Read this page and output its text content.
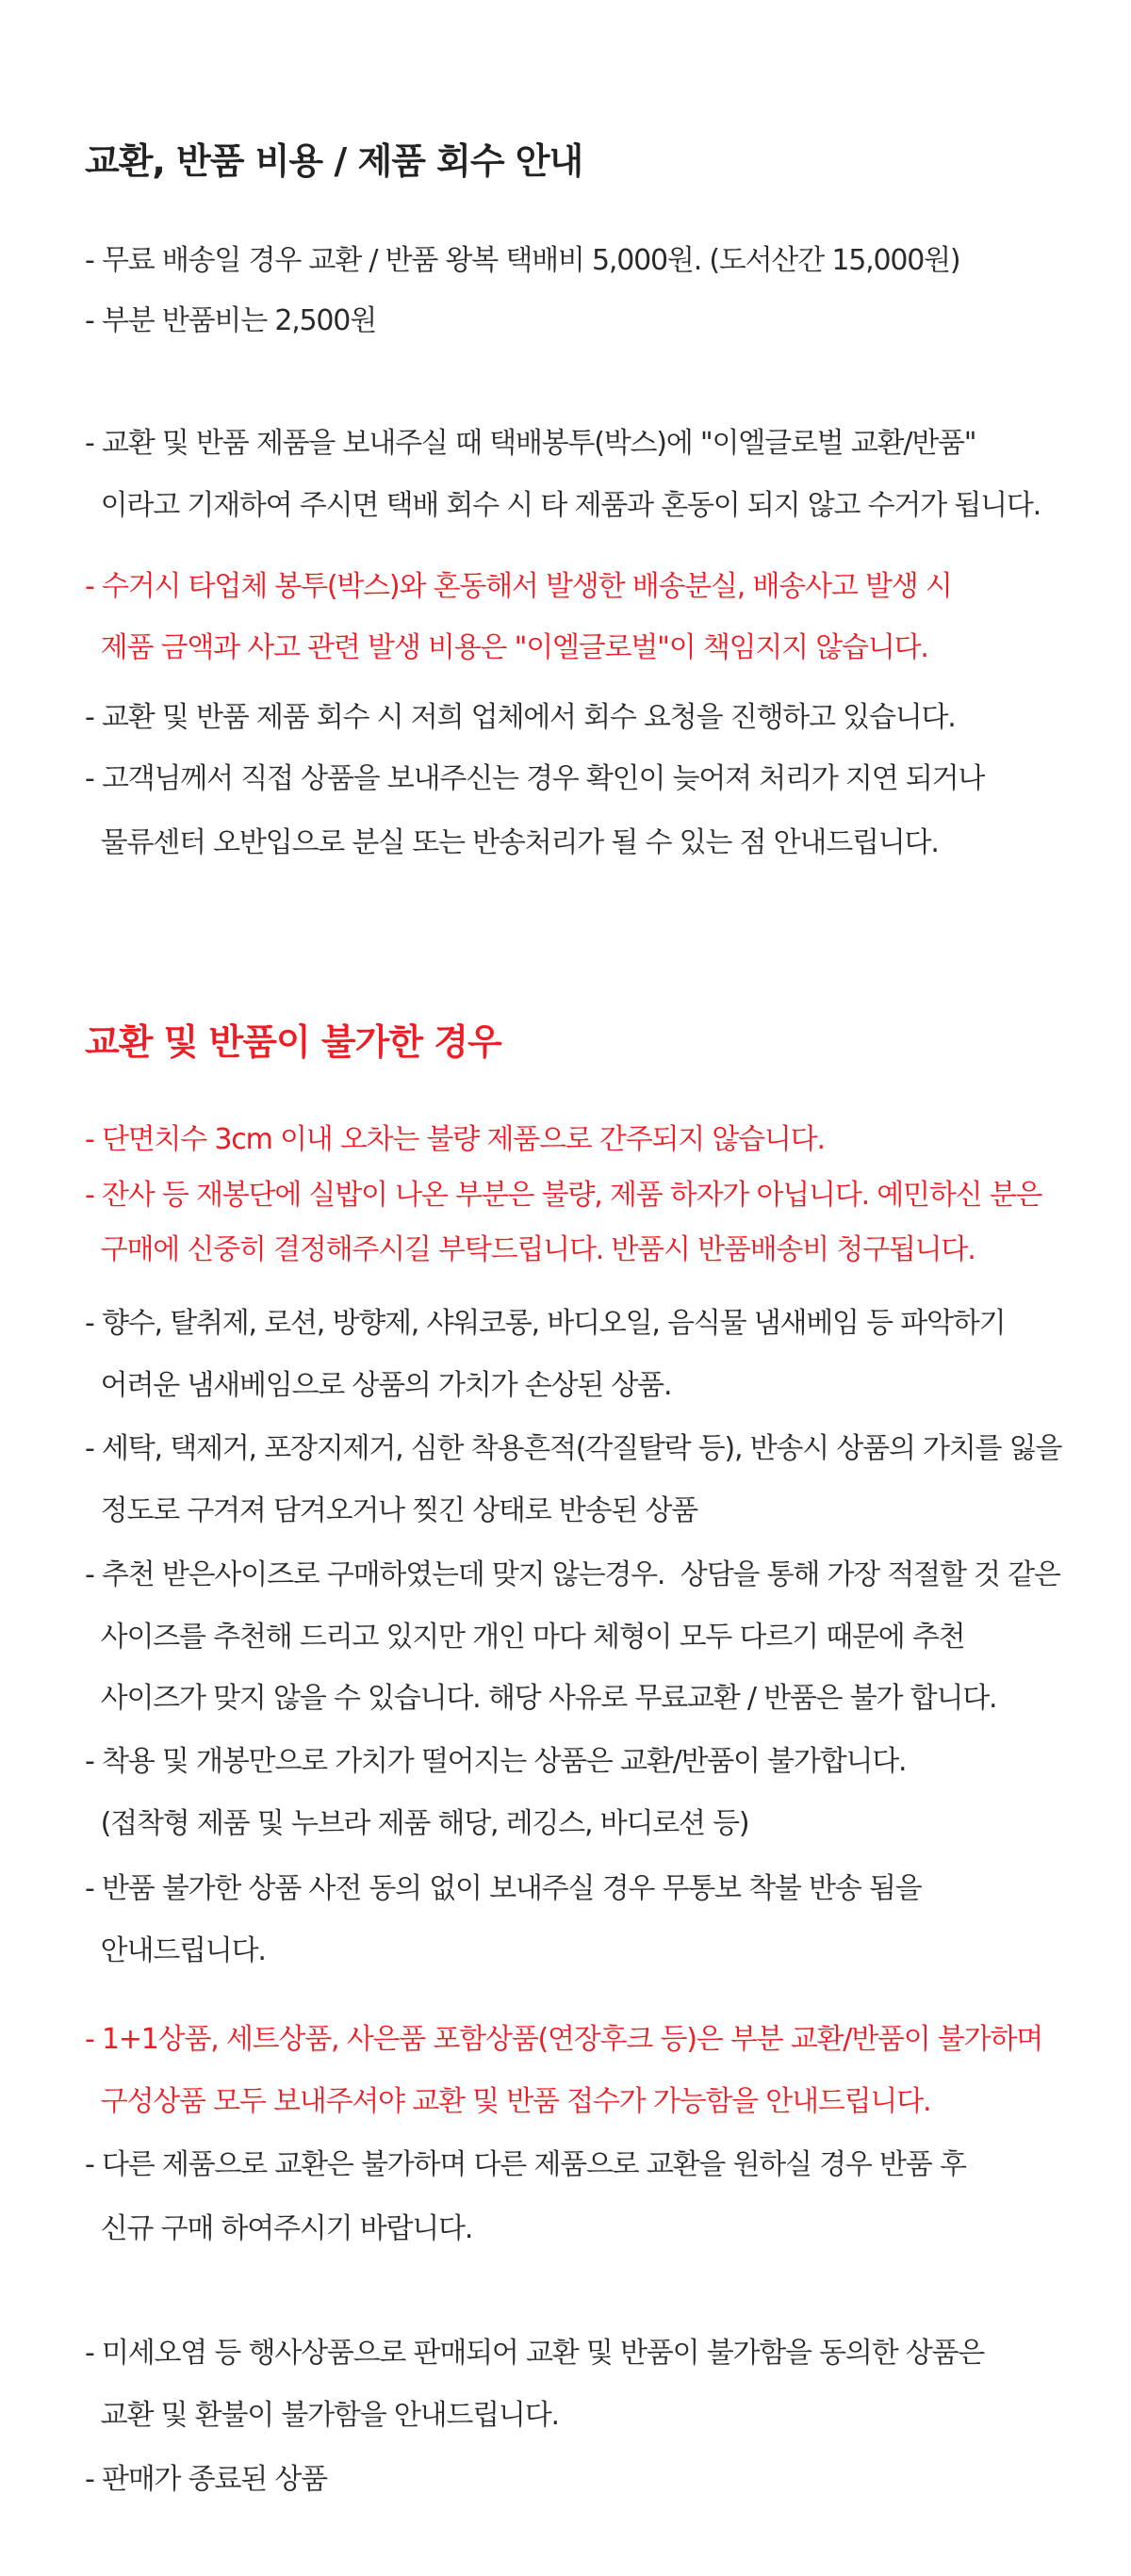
교환, 반품 비용 / 제품 회수 안내
- 무료 배송일 경우 교환 / 반품 왕복 택배비 5,000원. (도서산간 15,000원)
- 부분 반품비는 2,500원
- 교환 및 반품 제품을 보내주실 때 택배봉투(박스)에 "이엘글로벌 교환/반품"
이라고 기재하여 주시면 택배 회수 시 타 제품과 혼동이 되지 않고 수거가 됩니다.
- 수거시 타업체 봉투(박스)와 혼동해서 발생한 배송분실, 배송사고 발생 시
제품 금액과 사고 관련 발생 비용은 "이엘글로벌"이 책임지지 않습니다.
- 교환 및 반품 제품 회수 시 저희 업체에서 회수 요청을 진행하고 있습니다.
- 고객님께서 직접 상품을 보내주신는 경우 확인이 늦어져 처리가 지연 되거나
물류센터 오반입으로 분실 또는 반송처리가 될 수 있는 점 안내드립니다.
교환 및 반품이 불가한 경우
- 단면치수 3cm 이내 오차는 불량 제품으로 간주되지 않습니다.
- 잔사 등 재봉단에 실밥이 나온 부분은 불량, 제품 하자가 아닙니다. 예민하신 분은
구매에 신중히 결정해주시길 부탁드립니다. 반품시 반품배송비 청구됩니다.
- 향수, 탈취제, 로션, 방향제, 샤워코롱, 바디오일, 음식물 냄새베임 등 파악하기
어려운 냄새베임으로 상품의 가치가 손상된 상품.
- 세탁, 택제거, 포장지제거, 심한 착용흔적(각질탈락 등), 반송시 상품의 가치를 잃을
정도로 구겨져 담겨오거나 찢긴 상태로 반송된 상품
- 추천 받은사이즈로 구매하였는데 맞지 않는경우.  상담을 통해 가장 적절할 것 같은
사이즈를 추천해 드리고 있지만 개인 마다 체형이 모두 다르기 때문에 추천
사이즈가 맞지 않을 수 있습니다. 해당 사유로 무료교환 / 반품은 불가 합니다.
- 착용 및 개봉만으로 가치가 떨어지는 상품은 교환/반품이 불가합니다.
(접착형 제품 및 누브라 제품 해당, 레깅스, 바디로션 등)
- 반품 불가한 상품 사전 동의 없이 보내주실 경우 무통보 착불 반송 됨을
안내드립니다.
- 1+1상품, 세트상품, 사은품 포함상품(연장후크 등)은 부분 교환/반품이 불가하며
구성상품 모두 보내주셔야 교환 및 반품 접수가 가능함을 안내드립니다.
- 다른 제품으로 교환은 불가하며 다른 제품으로 교환을 원하실 경우 반품 후
신규 구매 하여주시기 바랍니다.
- 미세오염 등 행사상품으로 판매되어 교환 및 반품이 불가함을 동의한 상품은
교환 및 환불이 불가함을 안내드립니다.
- 판매가 종료된 상품
